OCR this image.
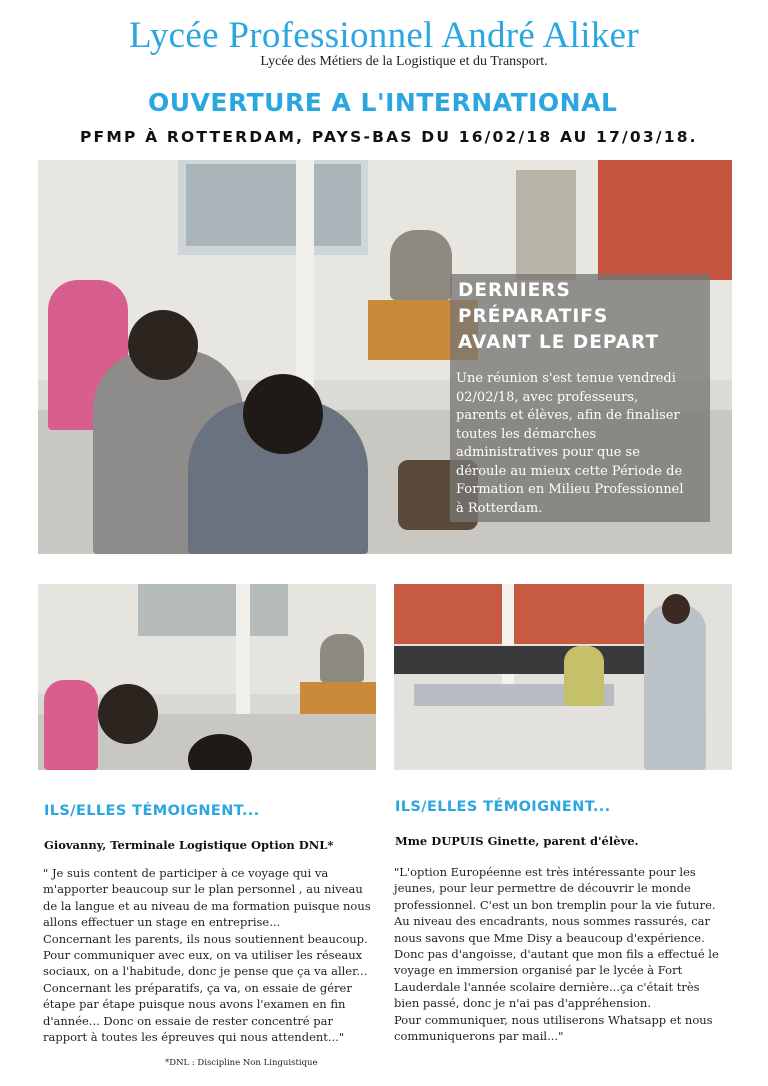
Lycée Professionnel André Aliker
Lycée des Métiers de la Logistique et du Transport.
OUVERTURE A L'INTERNATIONAL
PFMP À ROTTERDAM, PAYS-BAS DU 16/02/18 AU 17/03/18.
DERNIERS
PRÉPARATIFS
AVANT LE DEPART
Une réunion s'est tenue vendredi
02/02/18, avec professeurs,
parents et élèves, afin de finaliser
toutes les démarches
administratives pour que se
déroule au mieux cette Période de
Formation en Milieu Professionnel
à Rotterdam.
ILS/ELLES TÉMOIGNENT...
Giovanny, Terminale Logistique Option DNL*
" Je suis content de participer à ce voyage qui va
m'apporter beaucoup sur le plan personnel , au niveau
de la langue et au niveau de ma formation puisque nous
allons effectuer un stage en entreprise...
Concernant les parents, ils nous soutiennent beaucoup.
Pour communiquer avec eux, on va utiliser les réseaux
sociaux, on a l'habitude, donc je pense que ça va aller...
Concernant les préparatifs, ça va, on essaie de gérer
étape par étape puisque nous avons l'examen en fin
d'année... Donc on essaie de rester concentré par
rapport à toutes les épreuves qui nous attendent..."
*DNL : Discipline Non Linguistique
ILS/ELLES TÉMOIGNENT...
Mme DUPUIS Ginette, parent d'élève.
"L'option Européenne est très intéressante pour les
jeunes, pour leur permettre de découvrir le monde
professionnel. C'est un bon tremplin pour la vie future.
Au niveau des encadrants, nous sommes rassurés, car
nous savons que Mme Disy a beaucoup d'expérience.
Donc pas d'angoisse, d'autant que mon fils a effectué le
voyage en immersion organisé par le lycée à Fort
Lauderdale l'année scolaire dernière...ça c'était très
bien passé, donc je n'ai pas d'appréhension.
Pour communiquer, nous utiliserons Whatsapp et nous
communiquerons par mail..."
